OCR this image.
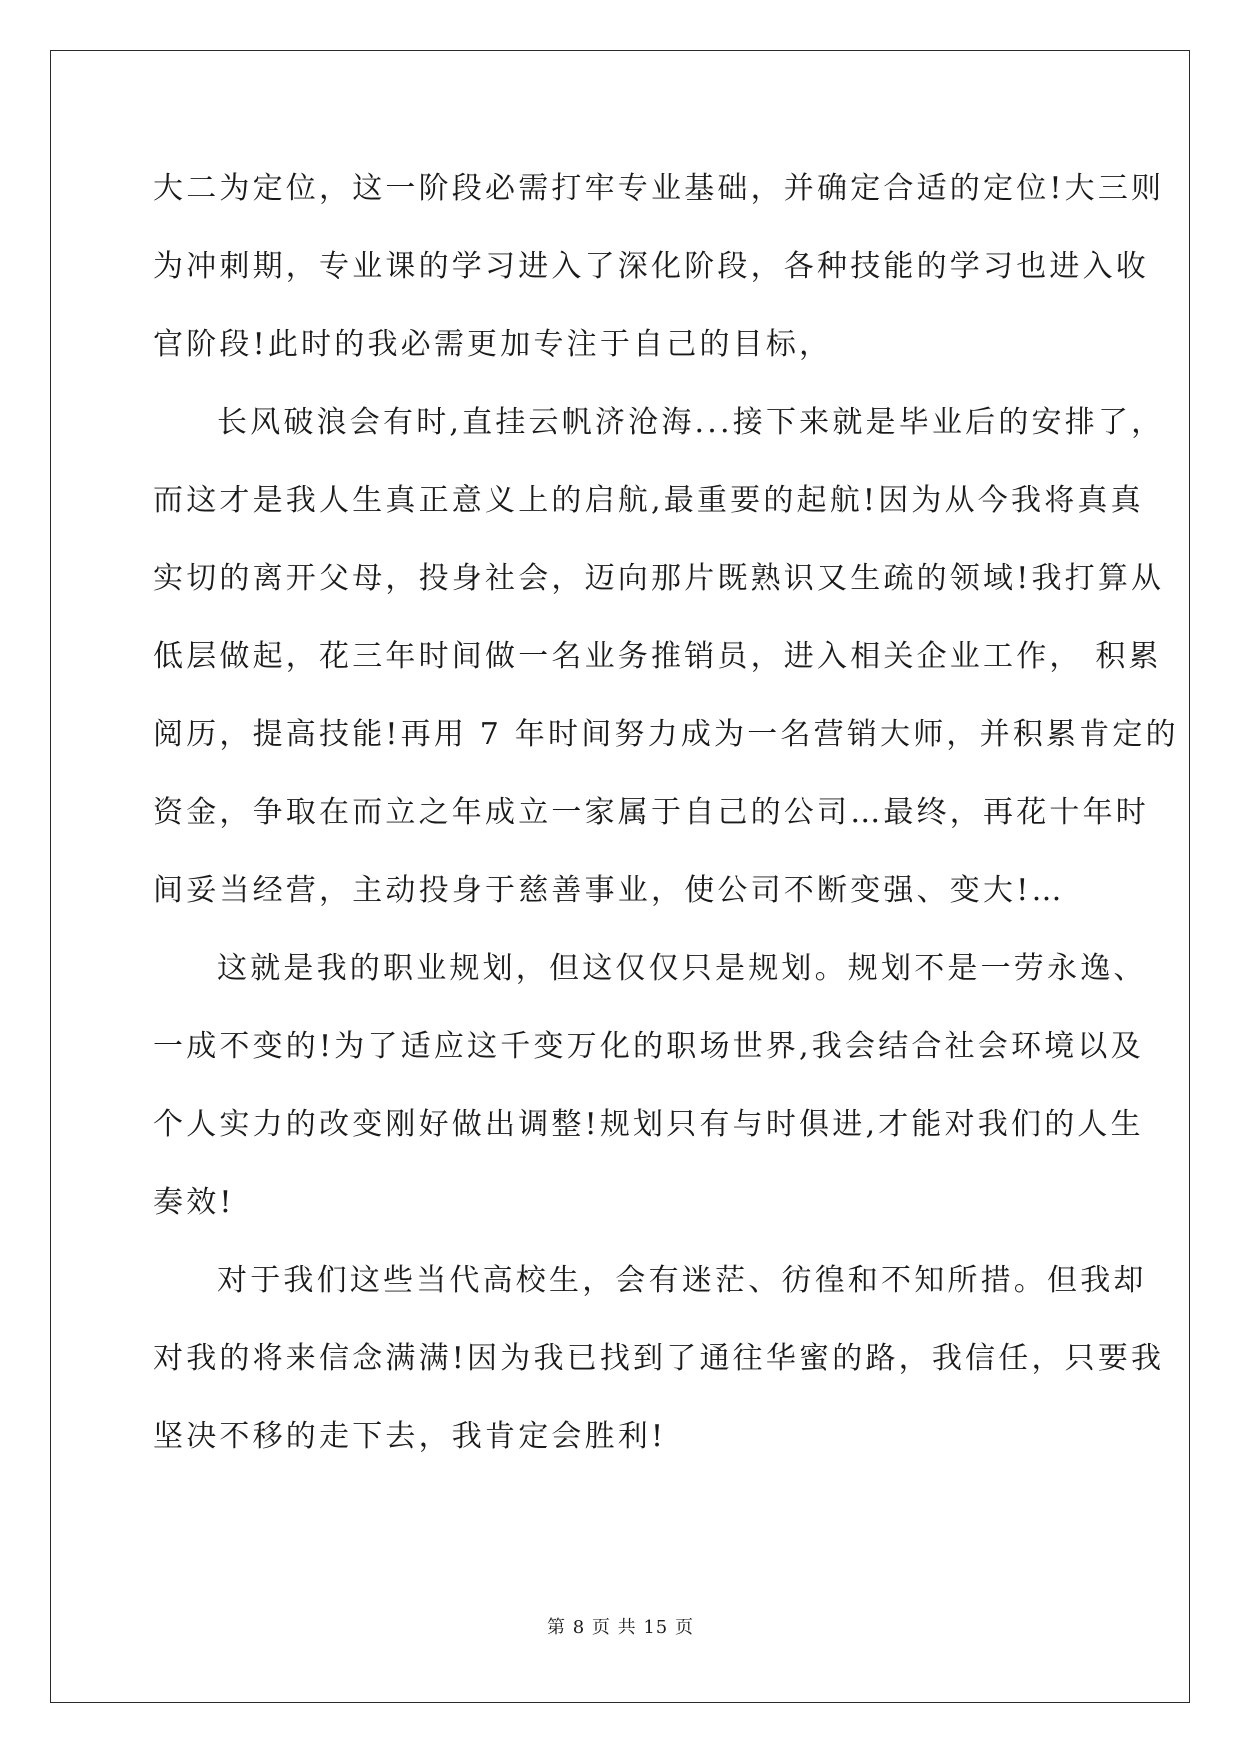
大二为定位，这一阶段必需打牢专业基础，并确定合适的定位!大三则
为冲刺期，专业课的学习进入了深化阶段，各种技能的学习也进入收
官阶段!此时的我必需更加专注于自己的目标，
长风破浪会有时,直挂云帆济沧海...接下来就是毕业后的安排了，
而这才是我人生真正意义上的启航,最重要的起航!因为从今我将真真
实切的离开父母，投身社会，迈向那片既熟识又生疏的领域!我打算从
低层做起，花三年时间做一名业务推销员，进入相关企业工作， 积累
阅历，提高技能!再用 7 年时间努力成为一名营销大师，并积累肯定的
资金，争取在而立之年成立一家属于自己的公司…最终，再花十年时
间妥当经营，主动投身于慈善事业，使公司不断变强、变大!…
这就是我的职业规划，但这仅仅只是规划。规划不是一劳永逸、
一成不变的!为了适应这千变万化的职场世界,我会结合社会环境以及
个人实力的改变刚好做出调整!规划只有与时俱进,才能对我们的人生
奏效!
对于我们这些当代高校生，会有迷茫、彷徨和不知所措。但我却
对我的将来信念满满!因为我已找到了通往华蜜的路，我信任，只要我
坚决不移的走下去，我肯定会胜利!
第 8 页 共 15 页
